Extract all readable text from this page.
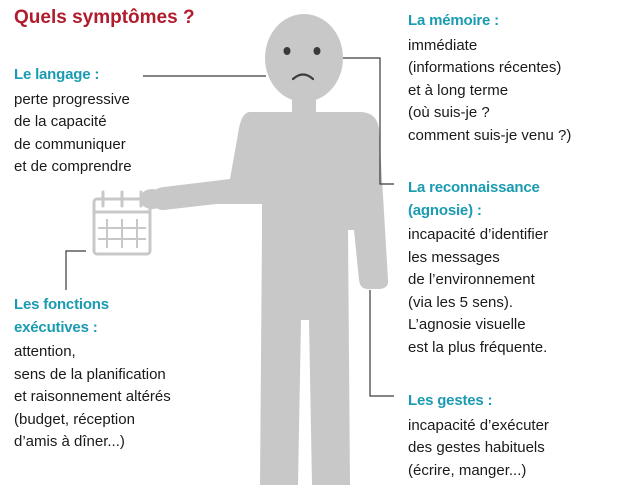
Quels symptômes ?
Le langage :
perte progressive
de la capacité
de communiquer
et de comprendre
Les fonctions
exécutives :
attention,
sens de la planification
et raisonnement altérés
(budget, réception
d’amis à dîner...)
La mémoire :
immédiate
(informations récentes)
et à long terme
(où suis-je ?
comment suis-je venu ?)
La reconnaissance
(agnosie) :
incapacité d’identifier
les messages
de l’environnement
(via les 5 sens).
L’agnosie visuelle
est la plus fréquente.
Les gestes :
incapacité d’exécuter
des gestes habituels
(écrire, manger...)
